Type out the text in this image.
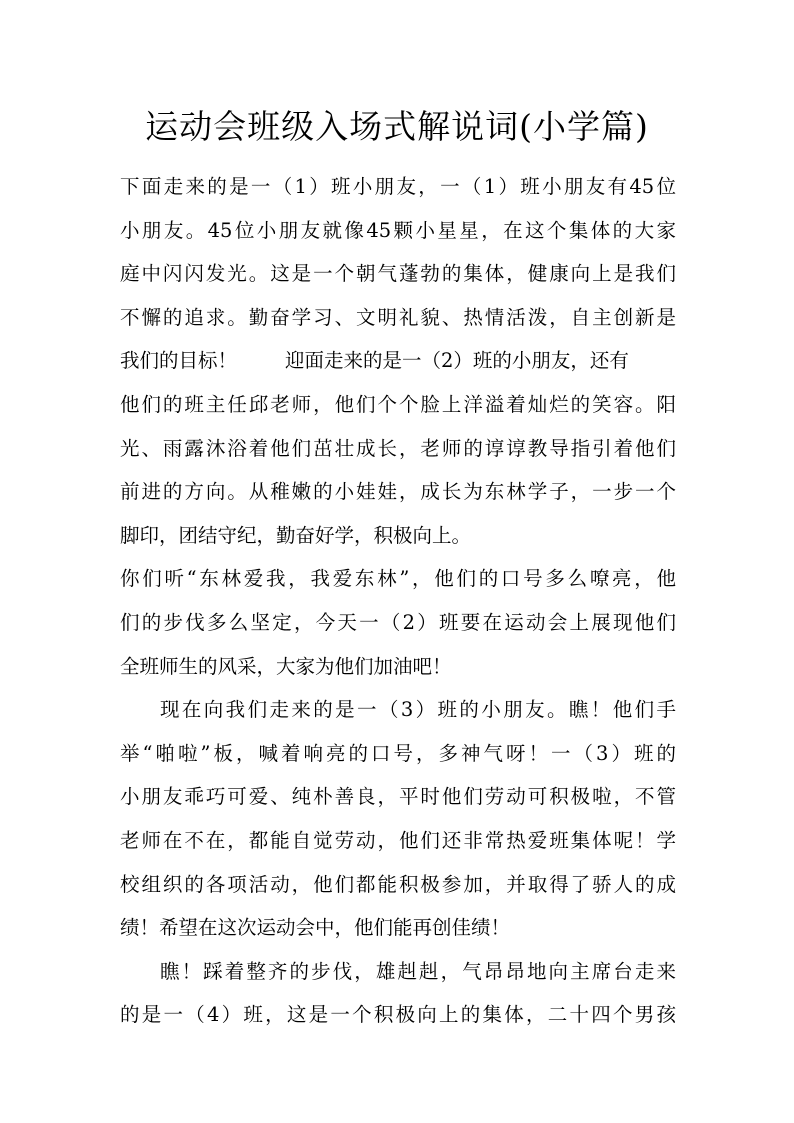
运动会班级入场式解说词(小学篇)
下面走来的是一（1）班小朋友，一（1）班小朋友有45位
小朋友。45位小朋友就像45颗小星星，在这个集体的大家
庭中闪闪发光。这是一个朝气蓬勃的集体，健康向上是我们
不懈的追求。勤奋学习、文明礼貌、热情活泼，自主创新是
我们的目标！ 迎面走来的是一（2）班的小朋友，还有
他们的班主任邱老师，他们个个脸上洋溢着灿烂的笑容。阳
光、雨露沐浴着他们茁壮成长，老师的谆谆教导指引着他们
前进的方向。从稚嫩的小娃娃，成长为东林学子，一步一个
脚印，团结守纪，勤奋好学，积极向上。
你们听“东林爱我，我爱东林”，他们的口号多么嘹亮，他
们的步伐多么坚定，今天一（2）班要在运动会上展现他们
全班师生的风采，大家为他们加油吧！
现在向我们走来的是一（3）班的小朋友。瞧！他们手
举“啪啦”板，喊着响亮的口号，多神气呀！一（3）班的
小朋友乖巧可爱、纯朴善良，平时他们劳动可积极啦，不管
老师在不在，都能自觉劳动，他们还非常热爱班集体呢！学
校组织的各项活动，他们都能积极参加，并取得了骄人的成
绩！希望在这次运动会中，他们能再创佳绩！
瞧！踩着整齐的步伐，雄赳赳，气昂昂地向主席台走来
的是一（4）班，这是一个积极向上的集体，二十四个男孩
